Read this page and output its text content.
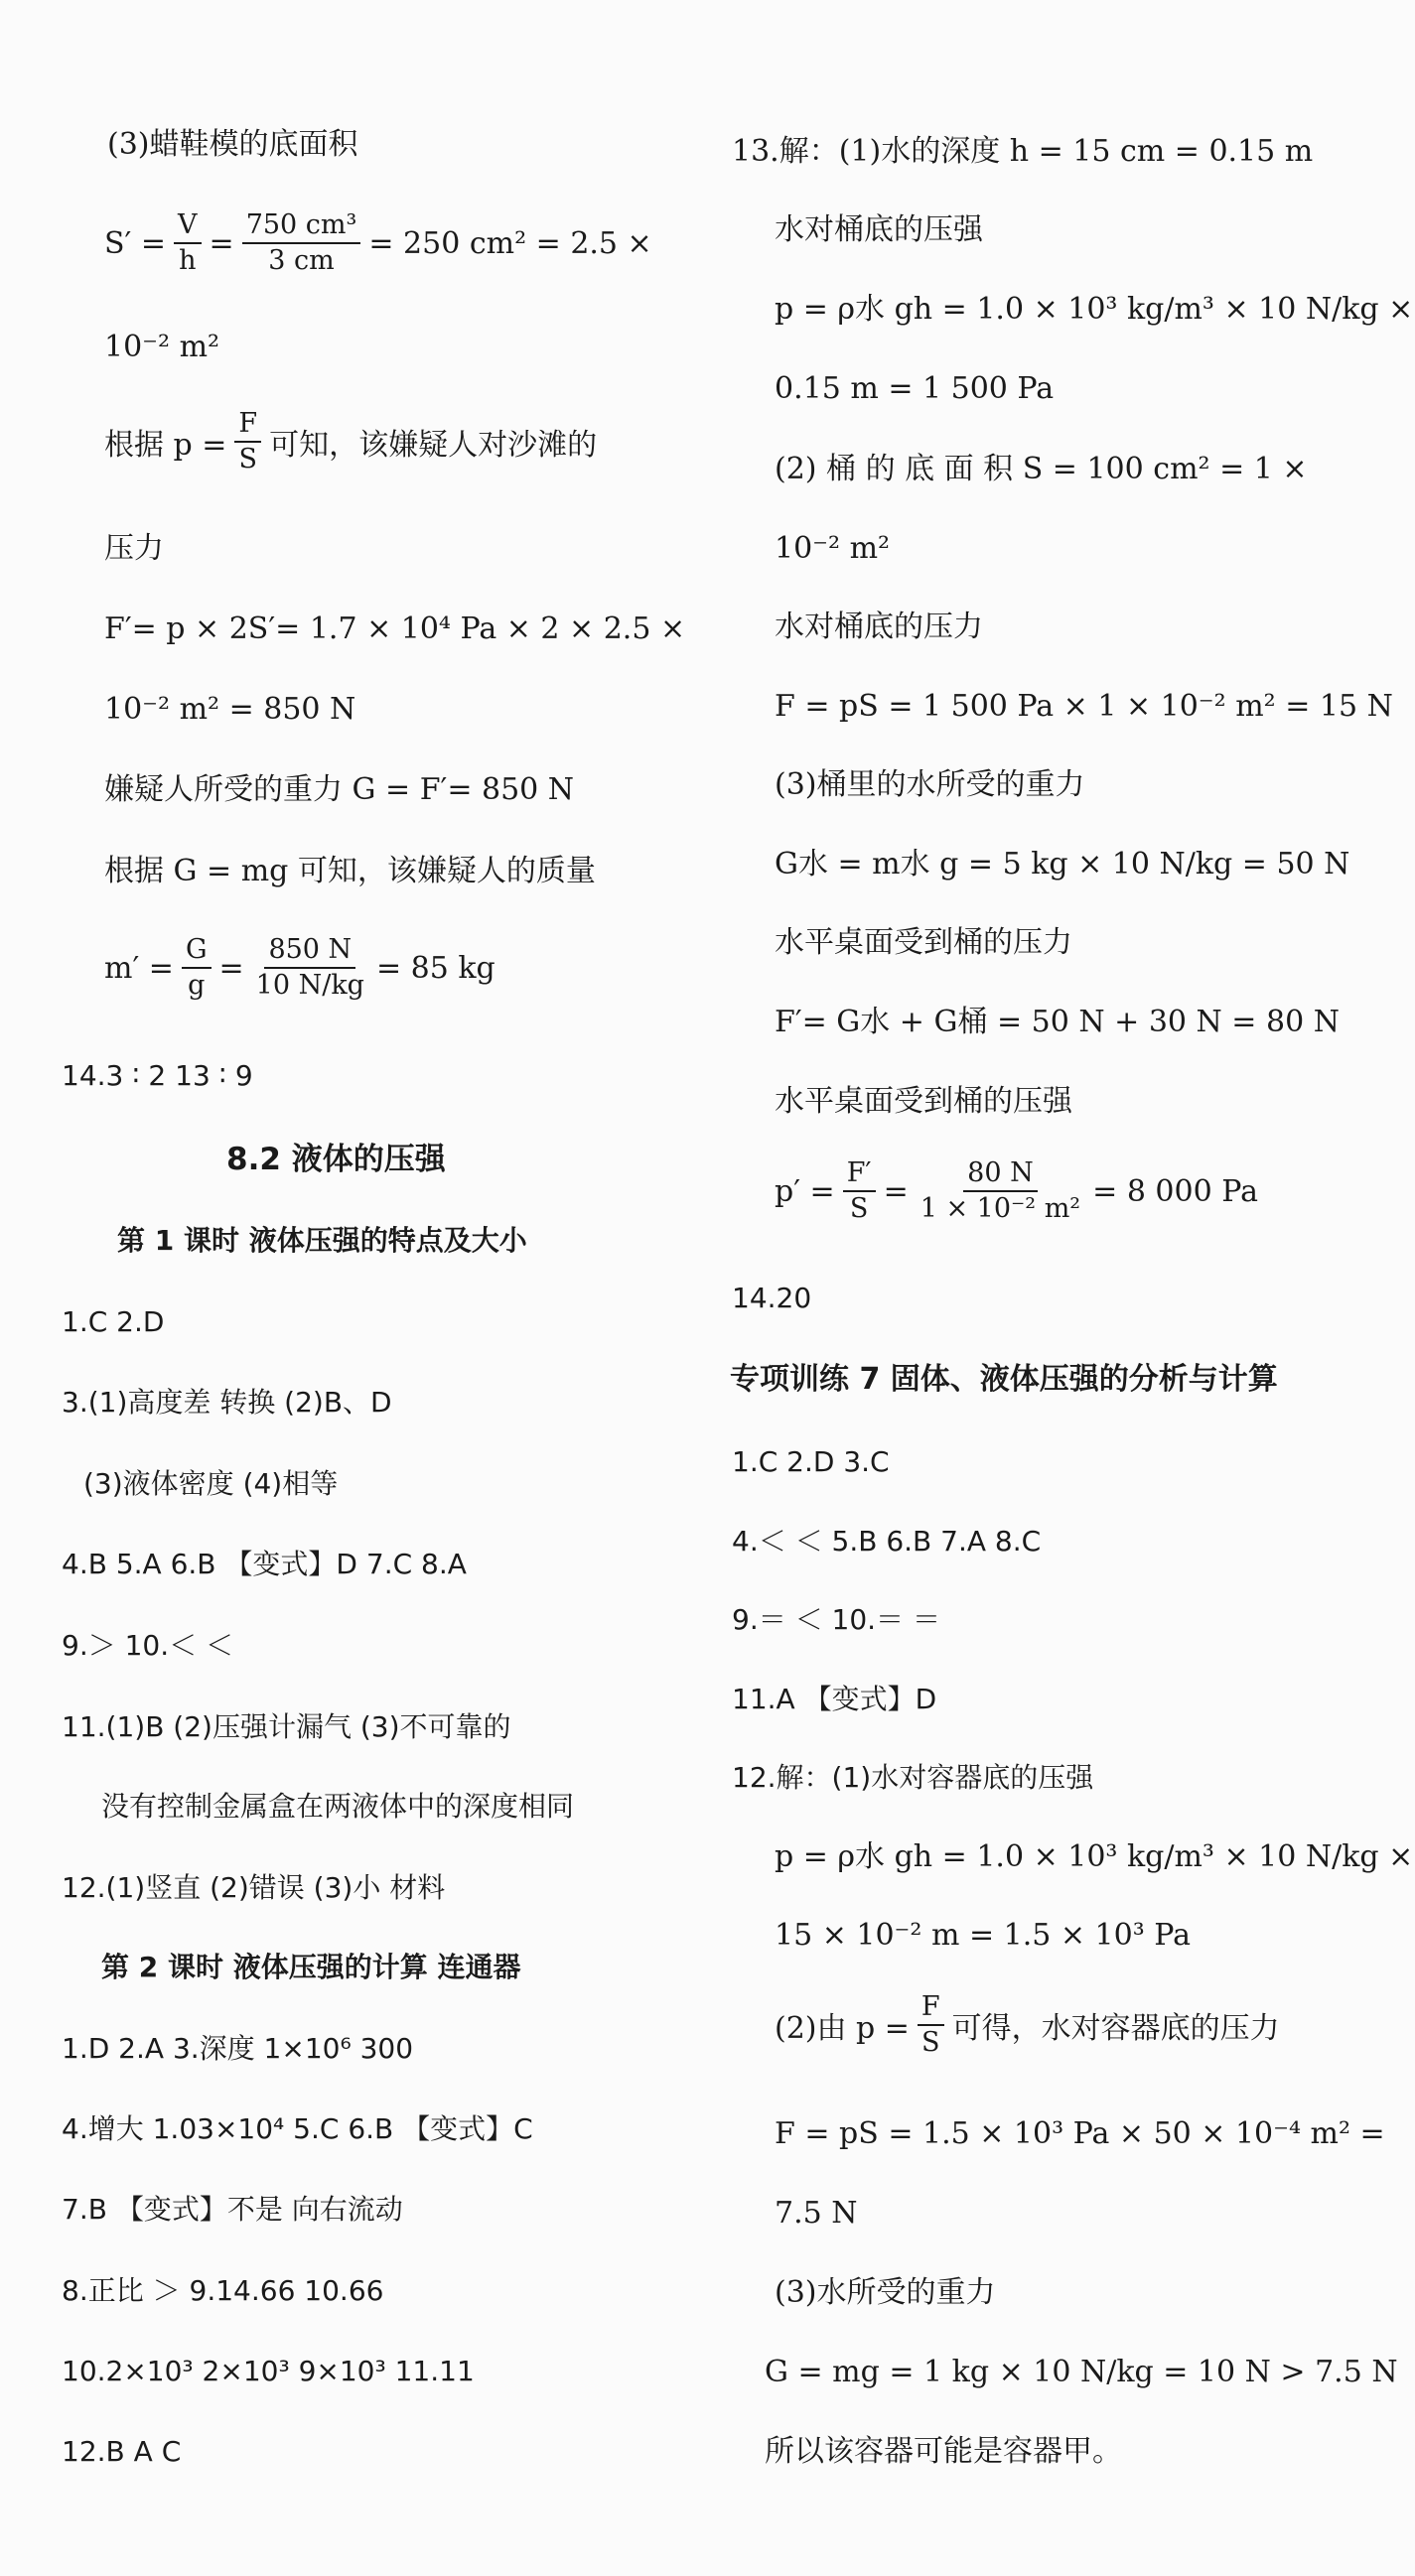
(3)蜡鞋模的底面积
$S' = \frac{V}{h} = \frac{\text{750 cm³}}{3 cm} = 250$ cm² = 2.5 ×
10⁻² m²
根据 $p = \frac{F}{S}$ 可知，该嫌疑人对沙滩的
压力
F′= p × 2S′= 1.7 × 10⁴ Pa × 2 × 2.5 ×
10⁻² m² = 850 N
嫌疑人所受的重力 G = F′= 850 N
根据 G = mg 可知，该嫌疑人的质量
$m' = \frac{G}{g} = \frac{850 N}{10 N/kg} = 85$ kg
14.3 ∶ 2 13 ∶ 9
8.2 液体的压强
第 1 课时 液体压强的特点及大小
1.C 2.D
3.(1)高度差 转换 (2)B、D
(3)液体密度 (4)相等
4.B 5.A 6.B 【变式】D 7.C 8.A
9.＞ 10.＜ ＜
11.(1)B (2)压强计漏气 (3)不可靠的
没有控制金属盒在两液体中的深度相同
12.(1)竖直 (2)错误 (3)小 材料
第 2 课时 液体压强的计算 连通器
1.D 2.A 3.深度 1×10⁶ 300
4.增大 1.03×10⁴ 5.C 6.B 【变式】C
7.B 【变式】不是 向右流动
8.正比 ＞ 9.14.66 10.66
10.2×10³ 2×10³ 9×10³ 11.11
12.B A C
13.解：(1)水的深度 h = 15 cm = 0.15 m
水对桶底的压强
p = ρ水 gh = 1.0 × 10³ kg/m³ × 10 N/kg ×
0.15 m = 1 500 Pa
(2) 桶 的 底 面 积 S = 100 cm² = 1 ×
10⁻² m²
水对桶底的压力
F = pS = 1 500 Pa × 1 × 10⁻² m² = 15 N
(3)桶里的水所受的重力
G水 = m水 g = 5 kg × 10 N/kg = 50 N
水平桌面受到桶的压力
F′= G水 + G桶 = 50 N + 30 N = 80 N
水平桌面受到桶的压强
$p' = \frac{F'}{S} = \frac{80 N}{\text{1 × 10⁻² m²}} = 8$ 000 Pa
14.20
专项训练 7 固体、液体压强的分析与计算
1.C 2.D 3.C
4.＜ ＜ 5.B 6.B 7.A 8.C
9.＝ ＜ 10.＝ ＝
11.A 【变式】D
12.解：(1)水对容器底的压强
p = ρ水 gh = 1.0 × 10³ kg/m³ × 10 N/kg ×
15 × 10⁻² m = 1.5 × 10³ Pa
(2)由 $p = \frac{F}{S}$ 可得，水对容器底的压力
F = pS = 1.5 × 10³ Pa × 50 × 10⁻⁴ m² =
7.5 N
(3)水所受的重力
G = mg = 1 kg × 10 N/kg = 10 N > 7.5 N
所以该容器可能是容器甲。
